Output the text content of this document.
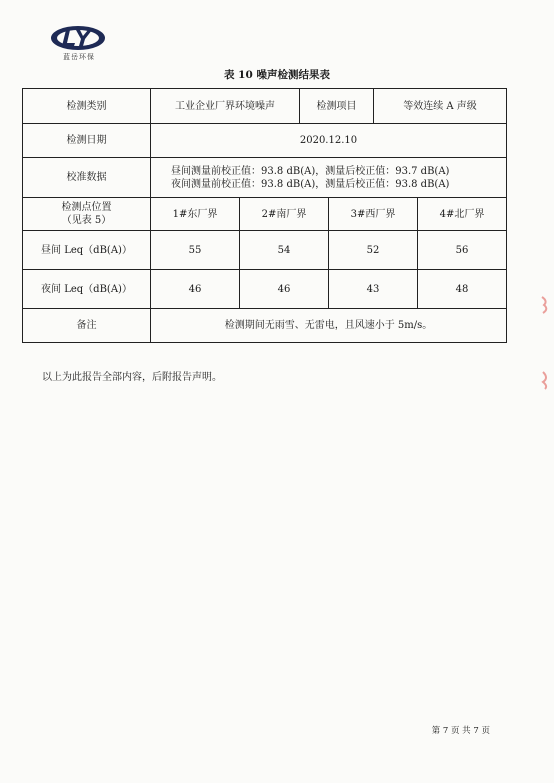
蓝岳环保
表 10 噪声检测结果表
检测类别	工业企业厂界环境噪声		检测项目		等效连续 A 声级	
检测日期	2020.12.10					
校准数据	昼间测量前校正值：93.8 dB(A)，测量后校正值：93.7 dB(A)
夜间测量前校正值：93.8 dB(A)，测量后校正值：93.8 dB(A)					

检测点位置
（见表 5）	1#东厂界	2#南厂界		3#西厂界		4#北厂界
昼间 Leq（dB(A)）	55	54		52		56
夜间 Leq（dB(A)）	46	46		43		48
备注	检测期间无雨雪、无雷电，且风速小于 5m/s。					
以上为此报告全部内容，后附报告声明。
第 7 页 共 7 页
